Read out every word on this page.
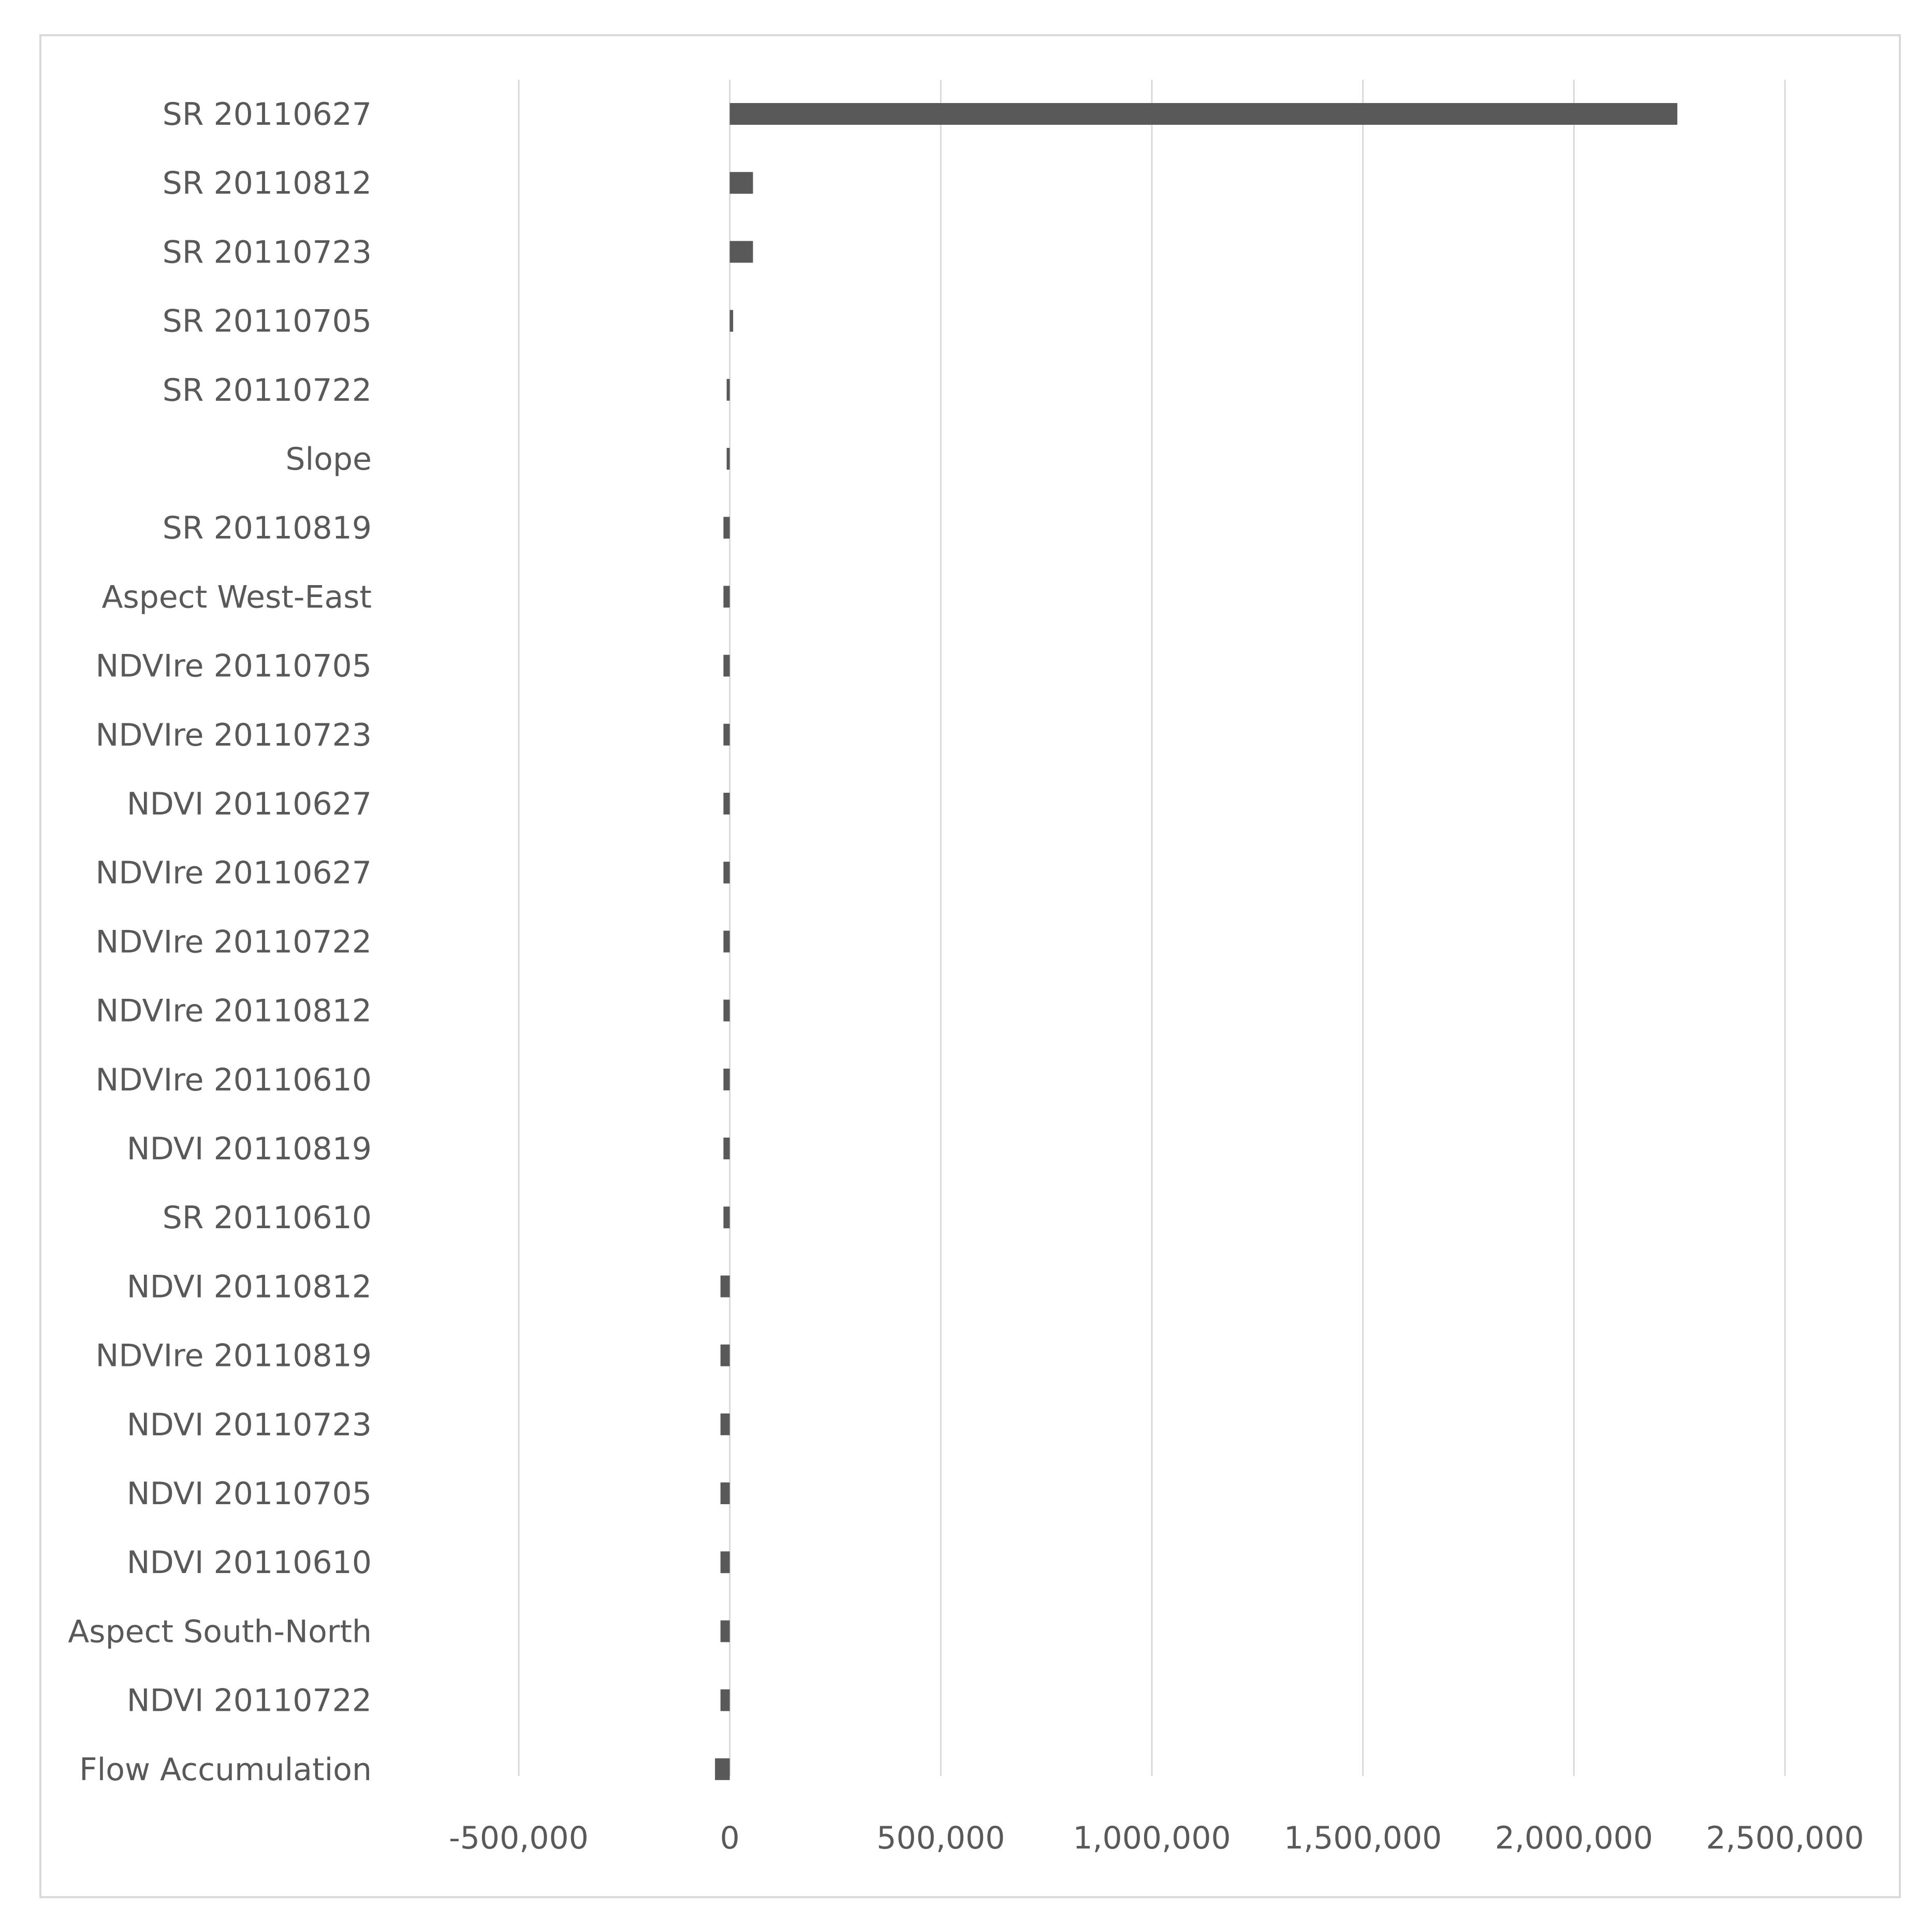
SR 20110627
SR 20110812
SR 20110723
SR 20110705
SR 20110722
Slope
SR 20110819
Aspect West-East
NDVIre 20110705
NDVIre 20110723
NDVI 20110627
NDVIre 20110627
NDVIre 20110722
NDVIre 20110812
NDVIre 20110610
NDVI 20110819
SR 20110610
NDVI 20110812
NDVIre 20110819
NDVI 20110723
NDVI 20110705
NDVI 20110610
Aspect South-North
NDVI 20110722
Flow Accumulation
-500,000	0	500,000 1,000,000 1,500,000 2,000,000 2,500,000
